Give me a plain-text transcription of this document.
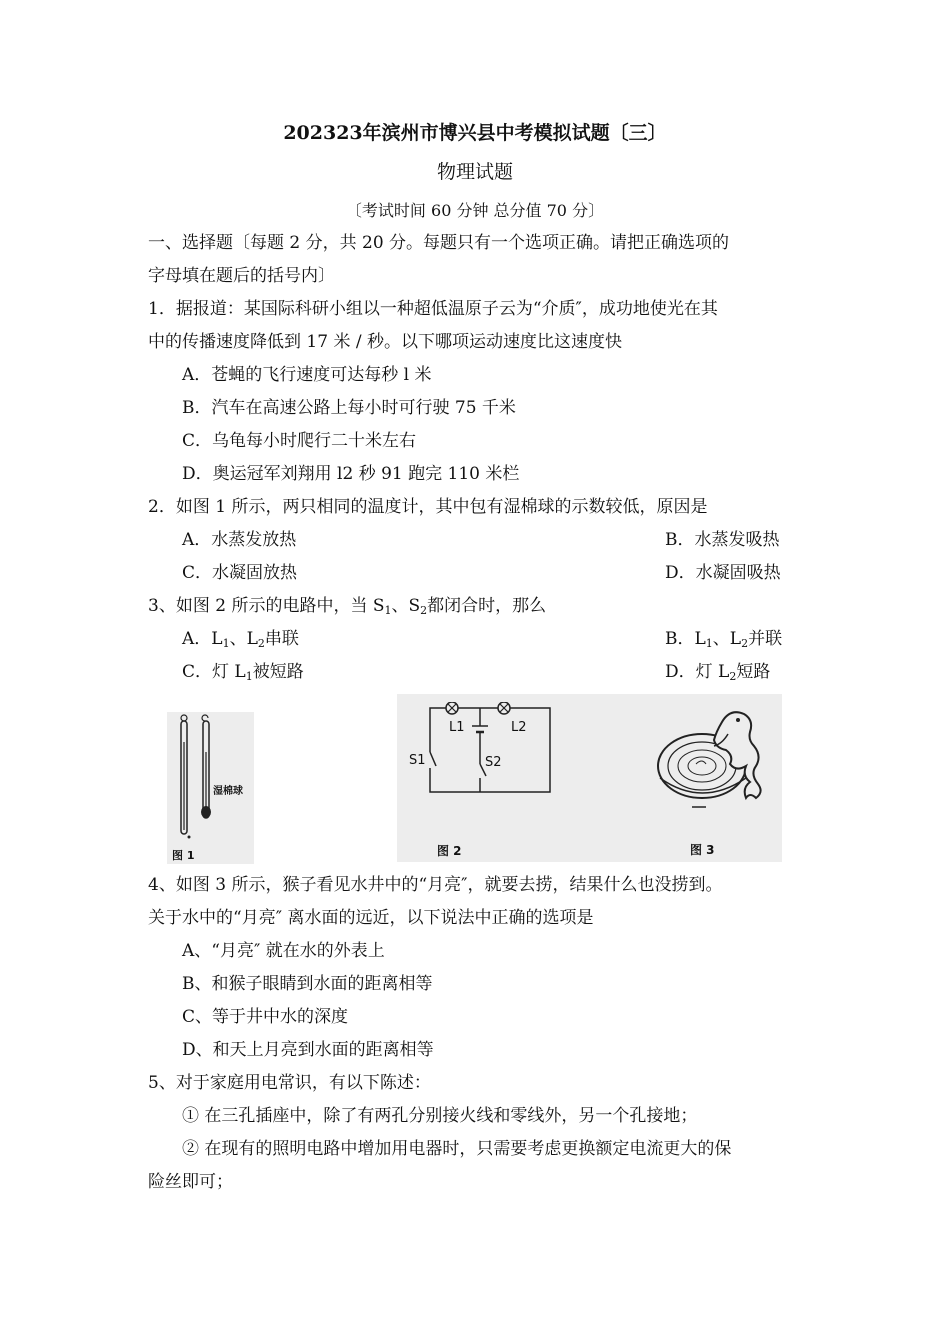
202323年滨州市博兴县中考模拟试题〔三〕
物理试题
〔考试时间 60 分钟 总分值 70 分〕
一、选择题〔每题 2 分，共 20 分。每题只有一个选项正确。请把正确选项的
字母填在题后的括号内〕
1．据报道：某国际科研小组以一种超低温原子云为“介质″，成功地使光在其
中的传播速度降低到 17 米 / 秒。以下哪项运动速度比这速度快
A．苍蝇的飞行速度可达每秒 l 米
B．汽车在高速公路上每小时可行驶 75 千米
C．乌龟每小时爬行二十米左右
D．奥运冠军刘翔用 l2 秒 91 跑完 110 米栏
2．如图 1 所示，两只相同的温度计，其中包有湿棉球的示数较低，原因是
A．水蒸发放热	B．水蒸发吸热
C．水凝固放热	D．水凝固吸热
3、如图 2 所示的电路中，当 $S_1$、$S_2$都闭合时，那么
A．$L_1$、$L_2$串联	B．$L_1$、$L_2$并联
C．灯 $L_1$被短路	D．灯 $L_2$短路
湿棉球
图 1
L1	L2
S1	S2
图 2	图 3
4、如图 3 所示，猴子看见水井中的“月亮″，就要去捞，结果什么也没捞到。
关于水中的“月亮″ 离水面的远近，以下说法中正确的选项是
A、“月亮″ 就在水的外表上
B、和猴子眼睛到水面的距离相等
C、等于井中水的深度
D、和天上月亮到水面的距离相等
5、对于家庭用电常识，有以下陈述：
① 在三孔插座中，除了有两孔分别接火线和零线外，另一个孔接地；
② 在现有的照明电路中增加用电器时，只需要考虑更换额定电流更大的保
险丝即可；
